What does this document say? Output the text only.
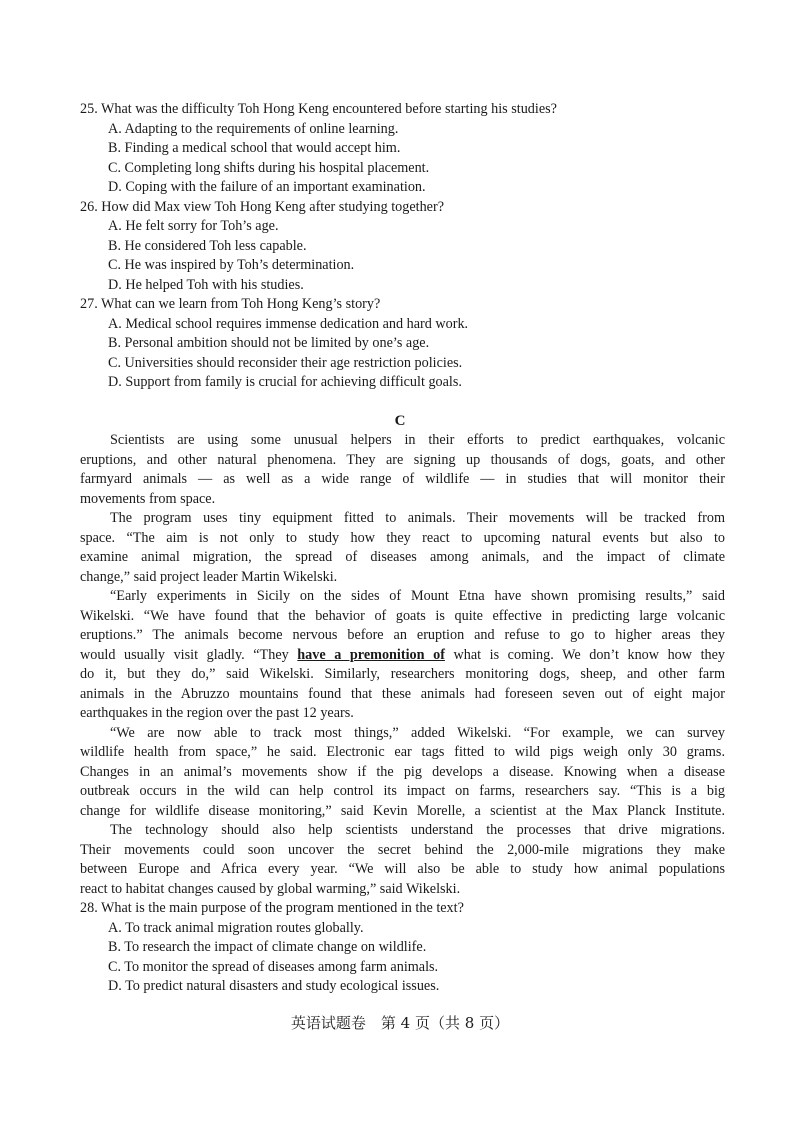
25. What was the difficulty Toh Hong Keng encountered before starting his studies?
A. Adapting to the requirements of online learning.
B. Finding a medical school that would accept him.
C. Completing long shifts during his hospital placement.
D. Coping with the failure of an important examination.
26. How did Max view Toh Hong Keng after studying together?
A. He felt sorry for Toh’s age.
B. He considered Toh less capable.
C. He was inspired by Toh’s determination.
D. He helped Toh with his studies.
27. What can we learn from Toh Hong Keng’s story?
A. Medical school requires immense dedication and hard work.
B. Personal ambition should not be limited by one’s age.
C. Universities should reconsider their age restriction policies.
D. Support from family is crucial for achieving difficult goals.
C
Scientists are using some unusual helpers in their efforts to predict earthquakes, volcanic
eruptions, and other natural phenomena. They are signing up thousands of dogs, goats, and other
farmyard animals — as well as a wide range of wildlife — in studies that will monitor their
movements from space.
The program uses tiny equipment fitted to animals. Their movements will be tracked from
space. “The aim is not only to study how they react to upcoming natural events but also to
examine animal migration, the spread of diseases among animals, and the impact of climate
change,” said project leader Martin Wikelski.
“Early experiments in Sicily on the sides of Mount Etna have shown promising results,” said
Wikelski. “We have found that the behavior of goats is quite effective in predicting large volcanic
eruptions.” The animals become nervous before an eruption and refuse to go to higher areas they
would usually visit gladly. “They have a premonition of what is coming. We don’t know how they
do it, but they do,” said Wikelski. Similarly, researchers monitoring dogs, sheep, and other farm
animals in the Abruzzo mountains found that these animals had foreseen seven out of eight major
earthquakes in the region over the past 12 years.
“We are now able to track most things,” added Wikelski. “For example, we can survey
wildlife health from space,” he said. Electronic ear tags fitted to wild pigs weigh only 30 grams.
Changes in an animal’s movements show if the pig develops a disease. Knowing when a disease
outbreak occurs in the wild can help control its impact on farms, researchers say. “This is a big
change for wildlife disease monitoring,” said Kevin Morelle, a scientist at the Max Planck Institute.
The technology should also help scientists understand the processes that drive migrations.
Their movements could soon uncover the secret behind the 2,000-mile migrations they make
between Europe and Africa every year. “We will also be able to study how animal populations
react to habitat changes caused by global warming,” said Wikelski.
28. What is the main purpose of the program mentioned in the text?
A. To track animal migration routes globally.
B. To research the impact of climate change on wildlife.
C. To monitor the spread of diseases among farm animals.
D. To predict natural disasters and study ecological issues.
英语试题卷　第 4 页（共 8 页）
